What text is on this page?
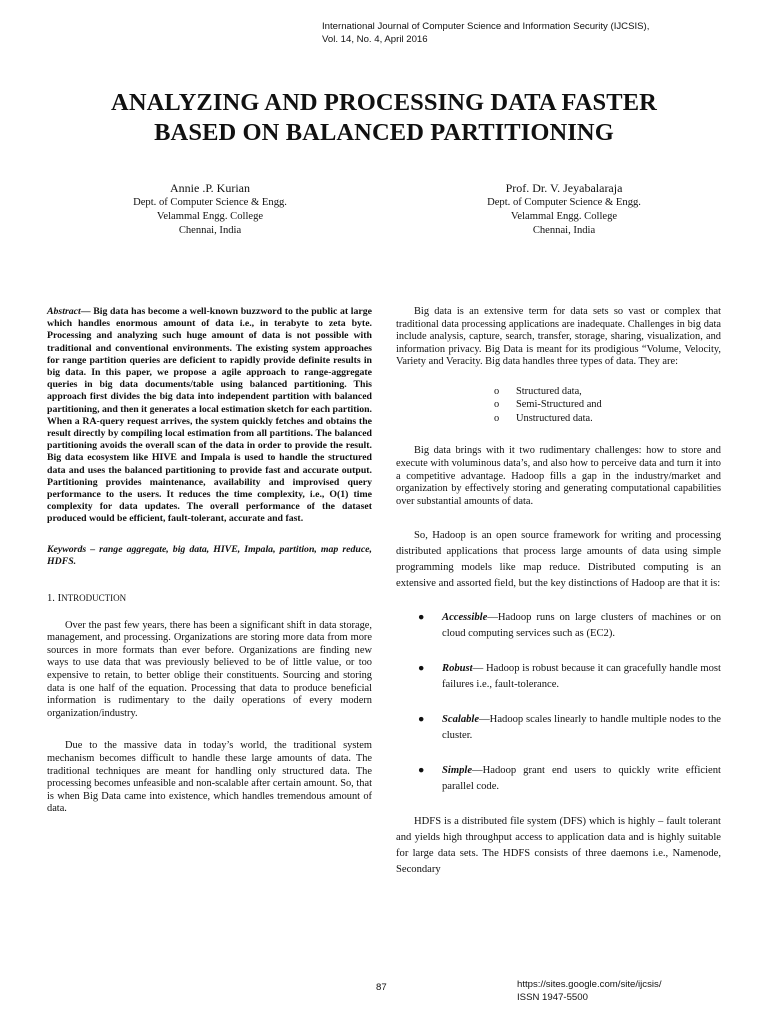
International Journal of Computer Science and Information Security (IJCSIS),
Vol. 14, No. 4, April 2016
ANALYZING AND PROCESSING DATA FASTER
BASED ON BALANCED PARTITIONING
Annie .P. Kurian
Dept. of Computer Science & Engg.
Velammal Engg. College
Chennai, India
Prof. Dr. V. Jeyabalaraja
Dept. of Computer Science & Engg.
Velammal Engg. College
Chennai, India

Abstract— Big data has become a well-known buzzword to the public at large which handles enormous amount of data i.e., in terabyte to zeta byte. Processing and analyzing such huge amount of data is not possible with traditional and conventional environments. The existing system approaches for range partition queries are deficient to rapidly provide definite results in big data. In this paper, we propose a agile approach to range-aggregate queries in big data documents/table using balanced partitioning. This approach first divides the big data into independent partition with balanced partitioning, and then it generates a local estimation sketch for each partition. When a RA-query request arrives, the system quickly fetches and obtains the result directly by compiling local estimation from all partitions. The balanced partitioning avoids the overall scan of the data in order to provide the result. Big data ecosystem like HIVE and Impala is used to handle the structured data and uses the balanced partitioning to provide fast and accurate output. Partitioning provides maintenance, availability and improvised query performance to the users. It reduces the time complexity, i.e., O(1) time complexity for data updates. The overall performance of the dataset produced would be efficient, fault-tolerant, accurate and fast.

Keywords – range aggregate, big data, HIVE, Impala, partition, map reduce, HDFS.

1. INTRODUCTION

Over the past few years, there has been a significant shift in data storage, management, and processing. Organizations are storing more data from more sources in more formats than ever before. Organizations are finding new ways to use data that was previously believed to be of little value, or too expensive to retain, to better oblige their constituents. Sourcing and storing data is one half of the equation. Processing that data to produce beneficial information is rudimentary to the daily operations of every modern organization/industry.

Due to the massive data in today’s world, the traditional system mechanism becomes difficult to handle these large amounts of data. The traditional techniques are meant for handling only structured data. The processing becomes unfeasible and non-scalable after certain amount. So, that is when Big Data came into existence, which handles tremendous amount of data.

Big data is an extensive term for data sets so vast or complex that traditional data processing applications are inadequate. Challenges in big data include analysis, capture, search, transfer, storage, sharing, visualization, and information privacy. Big Data is meant for its prodigious “Volume, Velocity, Variety and Veracity. Big data handles three types of data. They are:

o Structured data,
o Semi-Structured and
o Unstructured data.

Big data brings with it two rudimentary challenges: how to store and execute with voluminous data’s, and also how to perceive data and turn it into a competitive advantage. Hadoop fills a gap in the industry/market and organization by effectively storing and generating computational capabilities over substantial amounts of data.

So, Hadoop is an open source framework for writing and processing distributed applications that process large amounts of data using simple programming models like map reduce. Distributed computing is an extensive and assorted field, but the key distinctions of Hadoop are that it is:

● Accessible—Hadoop runs on large clusters of machines or on cloud computing services such as (EC2).
● Robust— Hadoop is robust because it can gracefully handle most failures i.e., fault-tolerance.
● Scalable—Hadoop scales linearly to handle multiple nodes to the cluster.
● Simple—Hadoop grant end users to quickly write efficient parallel code.

HDFS is a distributed file system (DFS) which is highly – fault tolerant and yields high throughput access to application data and is highly suitable for large data sets. The HDFS consists of three daemons i.e., Namenode, Secondary

87	https://sites.google.com/site/ijcsis/
ISSN 1947-5500
